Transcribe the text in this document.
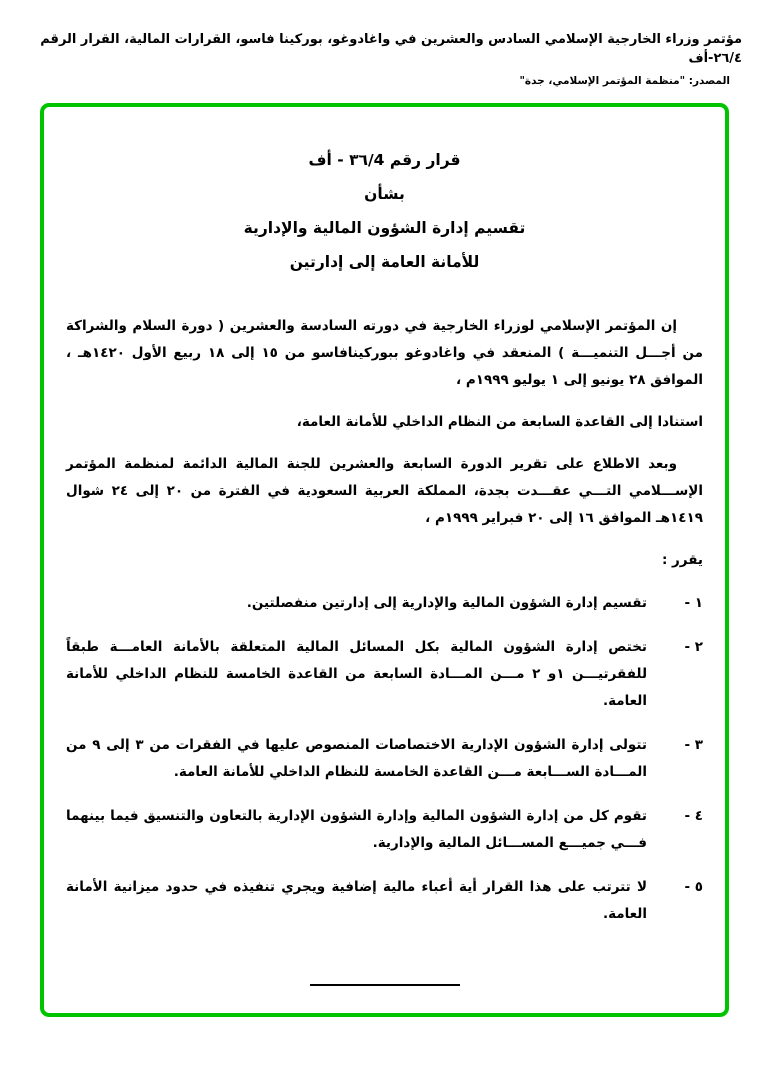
مؤتمر وزراء الخارجية الإسلامي السادس والعشرين في واغادوغو، بوركينا فاسو، القرارات المالية، القرار الرقم ٢٦/٤-أف
المصدر: "منظمة المؤتمر الإسلامي، جدة"
قرار رقم ٣٦/4 - أف
بشأن
تقسيم إدارة الشؤون المالية والإدارية
للأمانة العامة إلى إدارتين

إن المؤتمر الإسلامي لوزراء الخارجية في دورته السادسة والعشرين ( دورة السلام والشراكة من أجـــل التنميـــة ) المنعقد في واغادوغو ببوركينافاسو من ١٥ إلى ١٨ ربيع الأول ١٤٢٠هـ ، الموافق ٢٨ يونيو إلى ١ يوليو ١٩٩٩م ،

استنادا إلى القاعدة السابعة من النظام الداخلي للأمانة العامة،

وبعد الاطلاع على تقرير الدورة السابعة والعشرين للجنة المالية الدائمة لمنظمة المؤتمر الإســـلامي التـــي عقـــدت بجدة، المملكة العربية السعودية في الفترة من ٢٠ إلى ٢٤ شوال ١٤١٩هـ الموافق ١٦ إلى ٢٠ فبراير ١٩٩٩م ،

يقرر :

١ -
تقسيم إدارة الشؤون المالية والإدارية إلى إدارتين منفصلتين.
٢ -
تختص إدارة الشؤون المالية بكل المسائل المالية المتعلقة بالأمانة العامـــة طبقاً للفقرتيـــن ١و ٢ مـــن المـــادة السابعة من القاعدة الخامسة للنظام الداخلي للأمانة العامة.
٣ -
تتولى إدارة الشؤون الإدارية الاختصاصات المنصوص عليها في الفقرات من ٣ إلى ٩ من المـــادة الســـابعة مـــن القاعدة الخامسة للنظام الداخلي للأمانة العامة.
٤ -
تقوم كل من إدارة الشؤون المالية وإدارة الشؤون الإدارية بالتعاون والتنسيق فيما بينهما فـــي جميـــع المســـائل المالية والإدارية.
٥ -
لا تترتب على هذا القرار أية أعباء مالية إضافية ويجري تنفيذه في حدود ميزانية الأمانة العامة.
